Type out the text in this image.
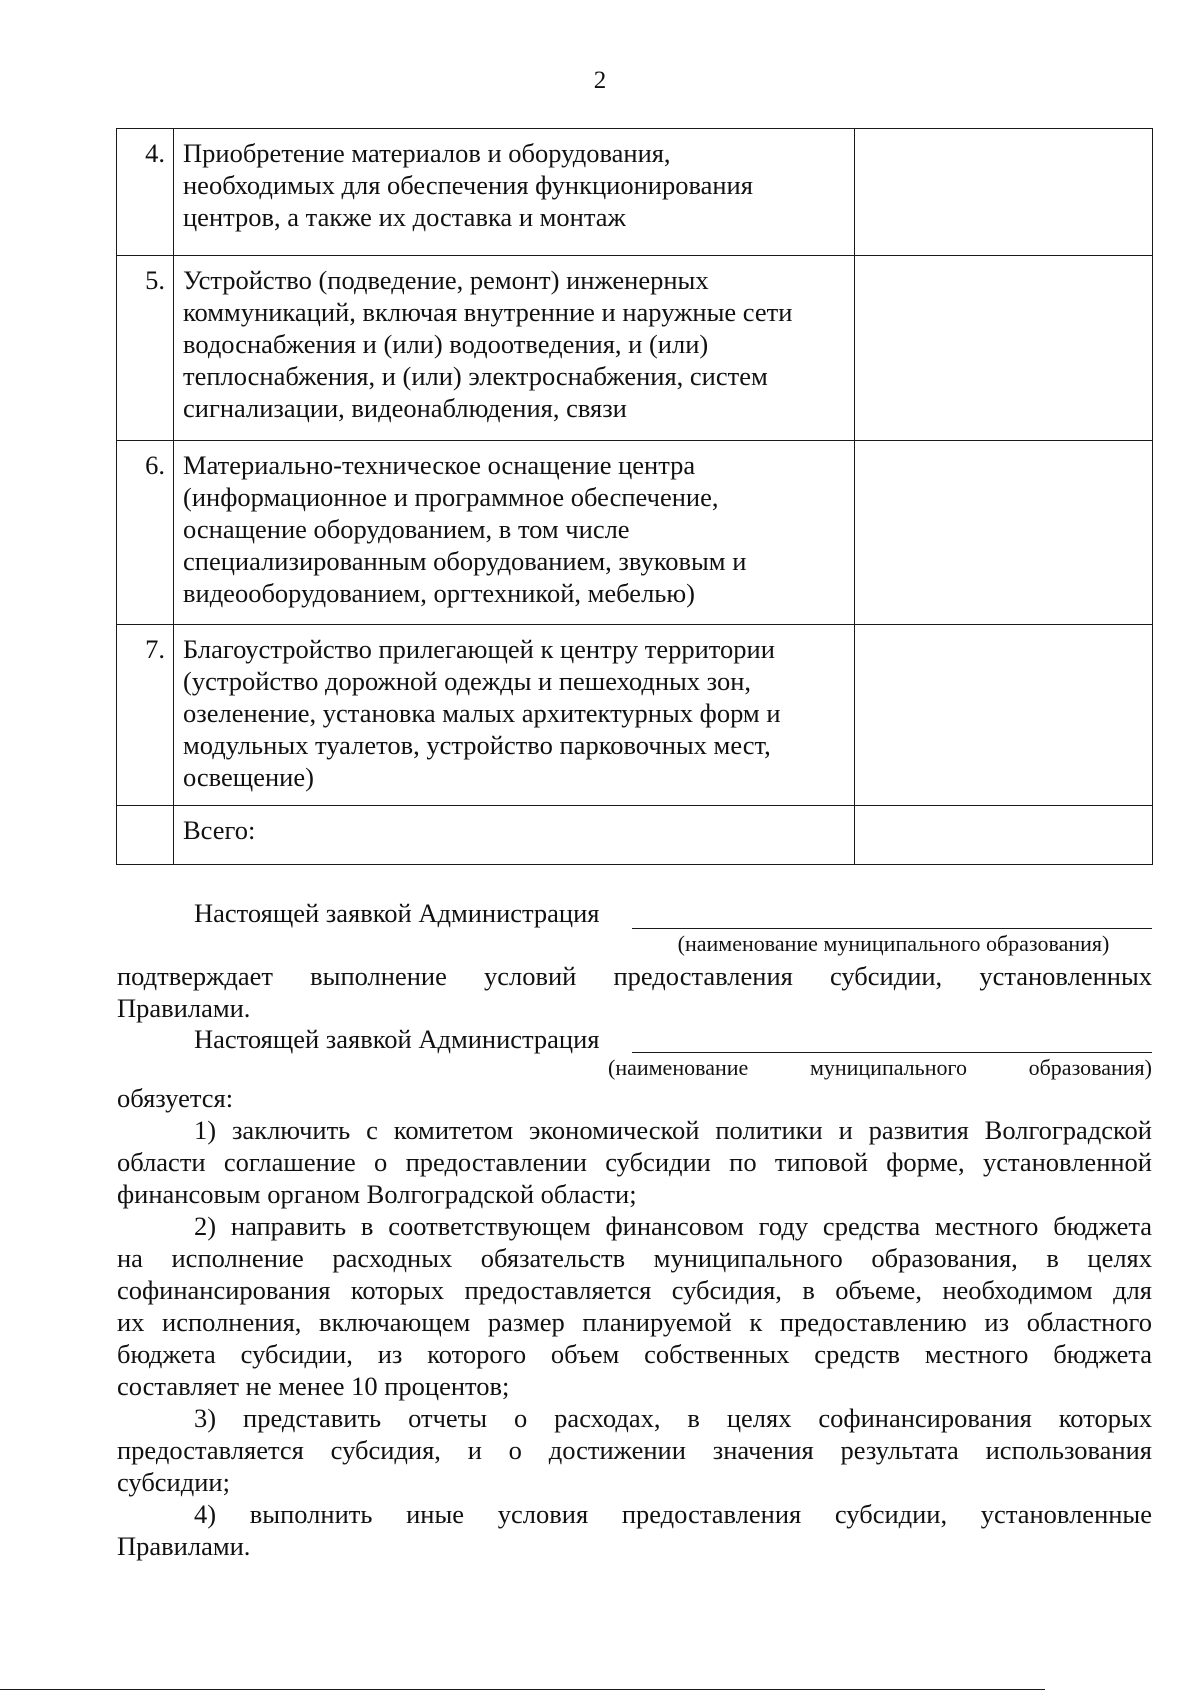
2
4.	Приобретение материалов и оборудования,
необходимых для обеспечения функционирования
центров, а также их доставка и монтаж	

5.	Устройство (подведение, ремонт) инженерных
коммуникаций, включая внутренние и наружные сети
водоснабжения и (или) водоотведения, и (или)
теплоснабжения, и (или) электроснабжения, систем
сигнализации, видеонаблюдения, связи	

6.	Материально-техническое оснащение центра
(информационное и программное обеспечение,
оснащение оборудованием, в том числе
специализированным оборудованием, звуковым и
видеооборудованием, оргтехникой, мебелью)	

7.	Благоустройство прилегающей к центру территории
(устройство дорожной одежды и пешеходных зон,
озеленение, установка малых архитектурных форм и
модульных туалетов, устройство парковочных мест,
освещение)	

	Всего:	
Настоящей заявкой Администрация
(наименование муниципального образования)
подтверждает выполнение условий предоставления субсидии, установленных
Правилами.
Настоящей заявкой Администрация
(наименование	муниципального	образования)
обязуется:
1) заключить с комитетом экономической политики и развития Волгоградской
области соглашение о предоставлении субсидии по типовой форме, установленной
финансовым органом Волгоградской области;
2) направить в соответствующем финансовом году средства местного бюджета
на исполнение расходных обязательств муниципального образования, в целях
софинансирования которых предоставляется субсидия, в объеме, необходимом для
их исполнения, включающем размер планируемой к предоставлению из областного
бюджета субсидии, из которого объем собственных средств местного бюджета
составляет не менее 10 процентов;
3) представить отчеты о расходах, в целях софинансирования которых
предоставляется субсидия, и о достижении значения результата использования
субсидии;
4) выполнить иные условия предоставления субсидии, установленные
Правилами.
